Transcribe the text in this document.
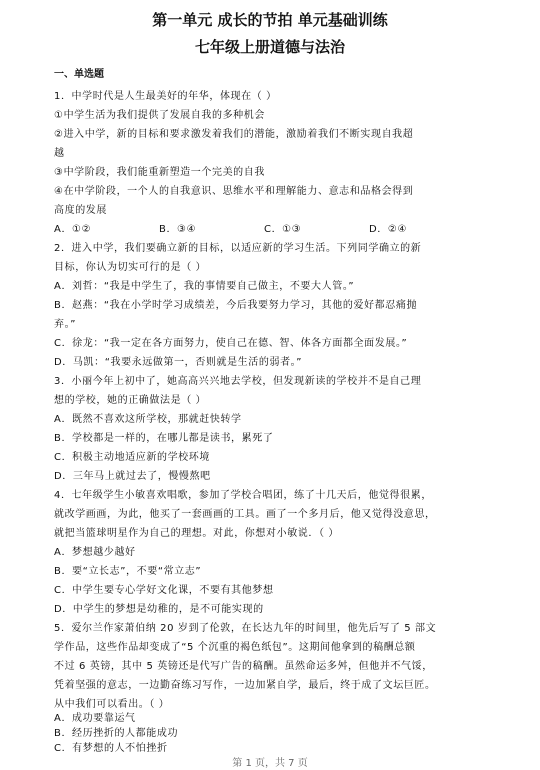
第一单元 成长的节拍 单元基础训练
七年级上册道德与法治
一、单选题
1．中学时代是人生最美好的年华，体现在（ ）
①中学生活为我们提供了发展自我的多种机会
②进入中学，新的目标和要求激发着我们的潜能，激励着我们不断实现自我超
越
③中学阶段，我们能重新塑造一个完美的自我
④在中学阶段，一个人的自我意识、思维水平和理解能力、意志和品格会得到
高度的发展
A．①②	B．③④	C．①③	D．②④
2．进入中学，我们要确立新的目标，以适应新的学习生活。下列同学确立的新
目标，你认为切实可行的是（ ）
A．刘哲：“我是中学生了，我的事情要自己做主，不要大人管。”
B．赵燕：“我在小学时学习成绩差，今后我要努力学习，其他的爱好都忍痛抛
弃。”
C．徐龙：“我一定在各方面努力，使自己在德、智、体各方面都全面发展。”
D．马凯：“我要永远做第一，否则就是生活的弱者。”
3．小丽今年上初中了，她高高兴兴地去学校，但发现新读的学校并不是自己理
想的学校，她的正确做法是（ ）
A．既然不喜欢这所学校，那就赶快转学
B．学校都是一样的，在哪儿都是读书，累死了
C．积极主动地适应新的学校环境
D．三年马上就过去了，慢慢熬吧
4．七年级学生小敏喜欢唱歌，参加了学校合唱团，练了十几天后，他觉得很累，
就改学画画，为此，他买了一套画画的工具。画了一个多月后，他又觉得没意思，
就把当篮球明星作为自己的理想。对此，你想对小敏说．（ ）
A．梦想越少越好
B．要“立长志”，不要“常立志”
C．中学生要专心学好文化课，不要有其他梦想
D．中学生的梦想是幼稚的，是不可能实现的
5．爱尔兰作家萧伯纳 20 岁到了伦敦，在长达九年的时间里，他先后写了 5 部文
学作品，这些作品却变成了“5 个沉重的褐色纸包”。这期间他拿到的稿酬总额
不过 6 英镑，其中 5 英镑还是代写广告的稿酬。虽然命运多舛，但他并不气馁，
凭着坚强的意志，一边勤奋练习写作，一边加紧自学，最后，终于成了文坛巨匠。
从中我们可以看出。（ ）
A．成功要靠运气
B．经历挫折的人都能成功
C．有梦想的人不怕挫折
第 1 页，共 7 页
